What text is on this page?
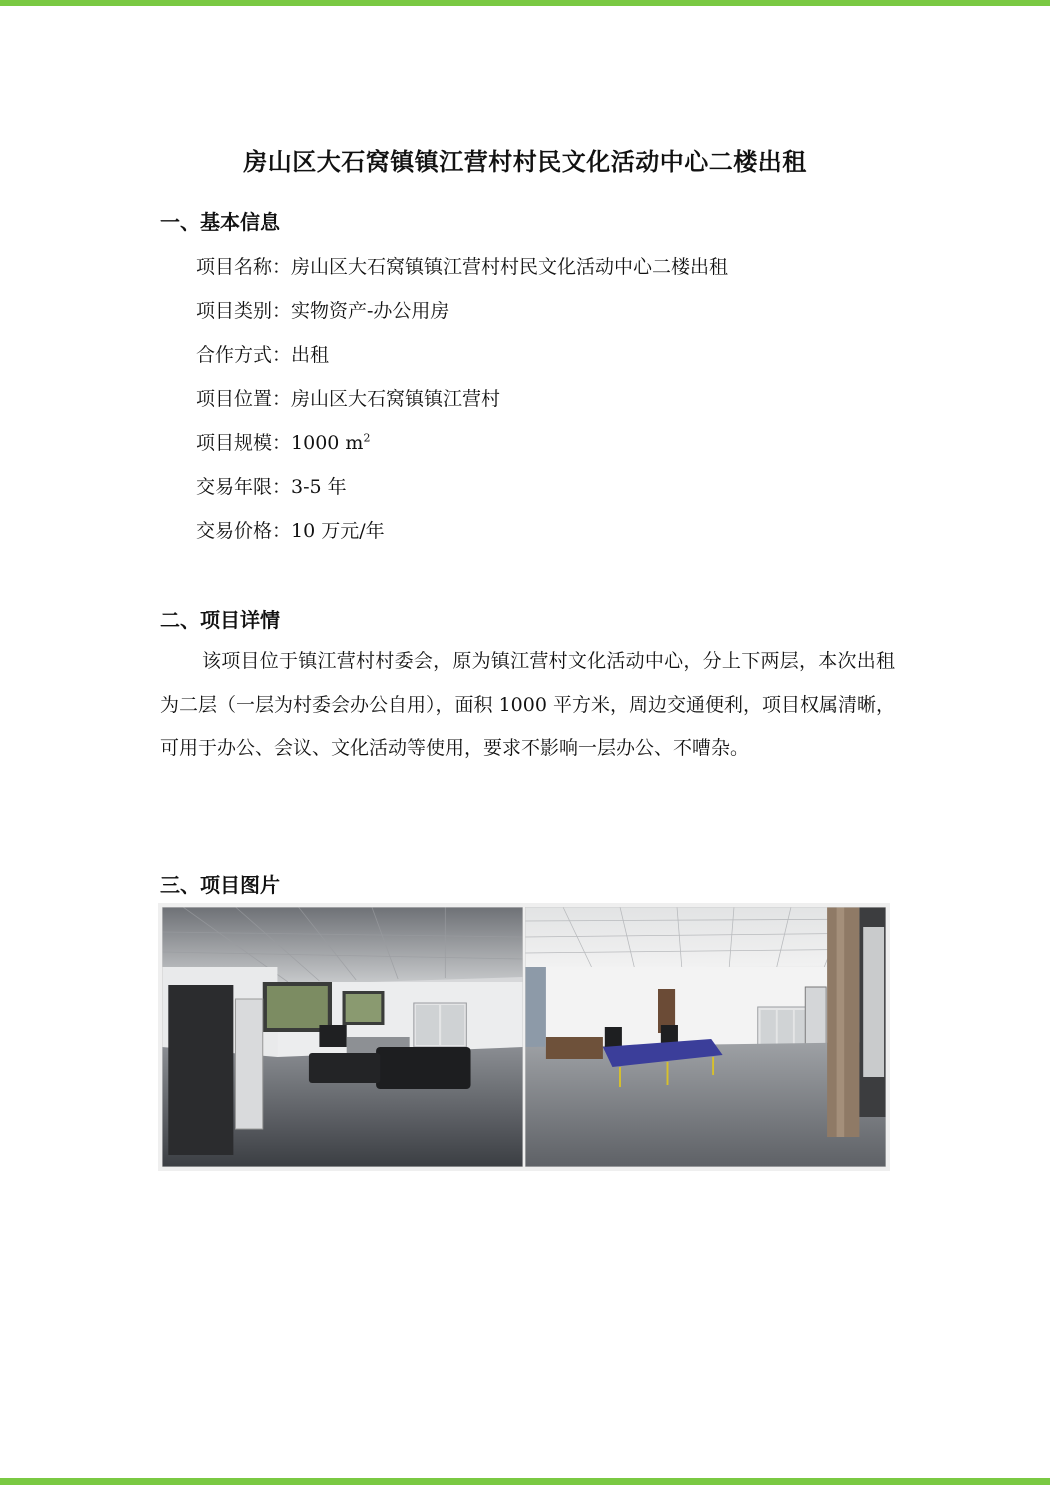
房山区大石窝镇镇江营村村民文化活动中心二楼出租
一、基本信息
项目名称：房山区大石窝镇镇江营村村民文化活动中心二楼出租
项目类别：实物资产-办公用房
合作方式：出租
项目位置：房山区大石窝镇镇江营村
项目规模：1000 $m^2$
交易年限：3-5 年
交易价格：10 万元/年
二、项目详情
该项目位于镇江营村村委会，原为镇江营村文化活动中心，分上下两层，本次出租为二层（一层为村委会办公自用），面积 1000 平方米，周边交通便利，项目权属清晰，可用于办公、会议、文化活动等使用，要求不影响一层办公、不嘈杂。
三、项目图片
